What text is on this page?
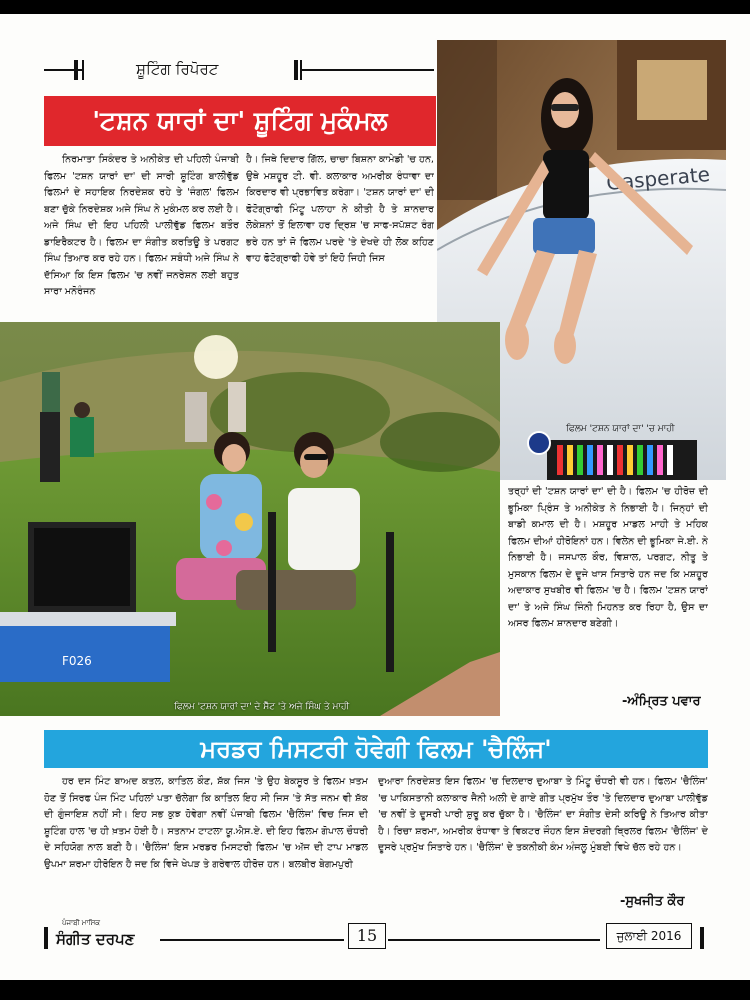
ਸ਼ੂਟਿੰਗ ਰਿਪੋਰਟ
'ਟਸ਼ਨ ਯਾਰਾਂ ਦਾ' ਸ਼ੂਟਿੰਗ ਮੁਕੰਮਲ

ਨਿਰਮਾਤਾ ਸਿਕੰਦਰ ਤੇ ਅਨੀਕੇਤ ਦੀ ਪਹਿਲੀ ਪੰਜਾਬੀ ਫਿਲਮ 'ਟਸ਼ਨ ਯਾਰਾਂ ਦਾ' ਦੀ ਸਾਰੀ ਸ਼ੂਟਿੰਗ ਬਾਲੀਵੁੱਡ ਫਿਲਮਾਂ ਦੇ ਸਹਾਇਕ ਨਿਰਦੇਸ਼ਕ ਰਹੇ ਤੇ 'ਜੰਗਲ' ਫਿਲਮ ਬਣਾ ਚੁੱਕੇ ਨਿਰਦੇਸ਼ਕ ਅਜੇ ਸਿੰਘ ਨੇ ਮੁਕੰਮਲ ਕਰ ਲਈ ਹੈ। ਅਜੇ ਸਿੰਘ ਦੀ ਇਹ ਪਹਿਲੀ ਪਾਲੀਵੁੱਡ ਫਿਲਮ ਬਤੌਰ ਡਾਇਰੈਕਟਰ ਹੈ। ਫਿਲਮ ਦਾ ਸੰਗੀਤ ਕਰਤਿਊ ਤੇ ਪਰਗਟ ਸਿੰਘ ਤਿਆਰ ਕਰ ਰਹੇ ਹਨ। ਫਿਲਮ ਸਬੰਧੀ ਅਜੇ ਸਿੰਘ ਨੇ ਦੱਸਿਆ ਕਿ ਇਸ ਫਿਲਮ 'ਚ ਨਵੀਂ ਜਨਰੇਸ਼ਨ ਲਈ ਬਹੁਤ ਸਾਰਾ ਮਨੋਰੰਜਨ

ਹੈ। ਜਿਥੇ ਦਿਦਾਰ ਗਿੱਲ, ਚਾਚਾ ਬਿਸ਼ਨਾ ਕਾਮੇਡੀ 'ਚ ਹਨ, ਉਥੇ ਮਸ਼ਹੂਰ ਟੀ. ਵੀ. ਕਲਾਕਾਰ ਅਮਰੀਕ ਰੰਧਾਵਾ ਦਾ ਕਿਰਦਾਰ ਵੀ ਪ੍ਰਭਾਵਿਤ ਕਰੇਗਾ। 'ਟਸ਼ਨ ਯਾਰਾਂ ਦਾ' ਦੀ ਫੋਟੋਗ੍ਰਾਫੀ ਮਿੰਟੂ ਪਲਾਹਾ ਨੇ ਕੀਤੀ ਹੈ ਤੇ ਸ਼ਾਨਦਾਰ ਲੋਕੇਸ਼ਨਾਂ ਤੋਂ ਇਲਾਵਾ ਹਰ ਦ੍ਰਿਸ਼ 'ਚ ਸਾਫ-ਸਪੱਸ਼ਟ ਰੰਗ ਭਰੇ ਹਨ ਤਾਂ ਜੋ ਫਿਲਮ ਪਰਦੇ 'ਤੇ ਦੇਖਦੇ ਹੀ ਲੋਕ ਕਹਿਣ ਵਾਹ ਫੋਟੋਗ੍ਰਾਫੀ ਹੋਵੇ ਤਾਂ ਇਹੋ ਜਿਹੀ ਜਿਸ

Gasperate
F026
ਫਿਲਮ 'ਟਸ਼ਨ ਯਾਰਾਂ ਦਾ' 'ਚ ਮਾਹੀ
ਫਿਲਮ 'ਟਸ਼ਨ ਯਾਰਾਂ ਦਾ' ਦੇ ਸੈੱਟ 'ਤੇ ਅਜੇ ਸਿੰਘ ਤੇ ਮਾਹੀ

ਤਰ੍ਹਾਂ ਦੀ 'ਟਸ਼ਨ ਯਾਰਾਂ ਦਾ' ਦੀ ਹੈ। ਫਿਲਮ 'ਚ ਹੀਰੋਜ਼ ਦੀ ਭੂਮਿਕਾ ਪ੍ਰਿੰਸ ਤੇ ਅਨੀਕੇਤ ਨੇ ਨਿਭਾਈ ਹੈ। ਜਿਨ੍ਹਾਂ ਦੀ ਬਾਡੀ ਕਮਾਲ ਦੀ ਹੈ। ਮਸ਼ਹੂਰ ਮਾਡਲ ਮਾਹੀ ਤੇ ਮਹਿਕ ਫਿਲਮ ਦੀਆਂ ਹੀਰੋਇਨਾਂ ਹਨ। ਵਿਲੇਨ ਦੀ ਭੂਮਿਕਾ ਜੇ.ਈ. ਨੇ ਨਿਭਾਈ ਹੈ। ਜਸਪਾਲ ਕੌਰ, ਵਿਸ਼ਾਲ, ਪਰਗਟ, ਨੀਤੂ ਤੇ ਮੁਸਕਾਨ ਫਿਲਮ ਦੇ ਦੂਜੇ ਖਾਸ ਸਿਤਾਰੇ ਹਨ ਜਦ ਕਿ ਮਸ਼ਹੂਰ ਅਦਾਕਾਰ ਸੁਖਬੀਰ ਵੀ ਫਿਲਮ 'ਚ ਹੈ। ਫਿਲਮ 'ਟਸ਼ਨ ਯਾਰਾਂ ਦਾ' ਤੇ ਅਜੇ ਸਿੰਘ ਜਿੰਨੀ ਮਿਹਨਤ ਕਰ ਰਿਹਾ ਹੈ, ਉਸ ਦਾ ਅਸਰ ਫਿਲਮ ਸ਼ਾਨਦਾਰ ਬਣੇਗੀ।

-ਅੰਮ੍ਰਿਤ ਪਵਾਰ
ਮਰਡਰ ਮਿਸਟਰੀ ਹੋਵੇਗੀ ਫਿਲਮ 'ਚੈਲਿੰਜ'

ਹਰ ਦਸ ਮਿੰਟ ਬਾਅਦ ਕਤਲ, ਕਾਤਿਲ ਕੌਣ, ਸ਼ੱਕ ਜਿਸ 'ਤੇ ਉਹ ਬੇਕਸੂਰ ਤੇ ਫਿਲਮ ਖ਼ਤਮ ਹੋਣ ਤੋਂ ਸਿਰਫ ਪੰਜ ਮਿੰਟ ਪਹਿਲਾਂ ਪਤਾ ਚੱਲੇਗਾ ਕਿ ਕਾਤਿਲ ਇਹ ਸੀ ਜਿਸ 'ਤੇ ਸੱਤ ਜਨਮ ਵੀ ਸ਼ੱਕ ਦੀ ਗੁੰਜਾਇਸ਼ ਨਹੀਂ ਸੀ। ਇਹ ਸਭ ਕੁਝ ਹੋਵੇਗਾ ਨਵੀਂ ਪੰਜਾਬੀ ਫਿਲਮ 'ਚੈਲਿੰਜ' ਵਿਚ ਜਿਸ ਦੀ ਸ਼ੂਟਿੰਗ ਹਾਲ 'ਚ ਹੀ ਖ਼ਤਮ ਹੋਈ ਹੈ। ਸਤਨਾਮ ਟਾਟਲਾ ਯੂ.ਐਸ.ਏ. ਦੀ ਇਹ ਫਿਲਮ ਗੋਪਾਲ ਚੌਧਰੀ ਦੇ ਸਹਿਯੋਗ ਨਾਲ ਬਣੀ ਹੈ। 'ਚੈਲਿੰਜ' ਇਸ ਮਰਡਰ ਮਿਸਟਰੀ ਫਿਲਮ 'ਚ ਅੱਜ ਦੀ ਟਾਪ ਮਾਡਲ ਉਪਮਾ ਸ਼ਰਮਾ ਹੀਰੋਇਨ ਹੈ ਜਦ ਕਿ ਵਿਜੇ ਖੇਪੜ ਤੇ ਗਰੇਵਾਲ ਹੀਰੋਜ਼ ਹਨ। ਬਲਬੀਰ ਬੇਗਮਪੁਰੀ

ਦੁਆਰਾ ਨਿਰਦੇਸ਼ਤ ਇਸ ਫਿਲਮ 'ਚ ਦਿਲਦਾਰ ਦੁਆਬਾ ਤੇ ਮਿੰਟੂ ਚੌਧਰੀ ਵੀ ਹਨ। ਫਿਲਮ 'ਚੈਲਿੰਜ' 'ਚ ਪਾਕਿਸਤਾਨੀ ਕਲਾਕਾਰ ਜੈਨੀ ਅਲੀ ਦੇ ਗਾਏ ਗੀਤ ਪ੍ਰਮੁੱਖ ਤੌਰ 'ਤੇ ਦਿਲਦਾਰ ਦੁਆਬਾ ਪਾਲੀਵੁੱਡ 'ਚ ਨਵੀਂ ਤੇ ਦੂਸਰੀ ਪਾਰੀ ਸ਼ੁਰੂ ਕਰ ਚੁੱਕਾ ਹੈ। 'ਚੈਲਿੰਜ' ਦਾ ਸੰਗੀਤ ਦੇਸੀ ਕਰਿਊ ਨੇ ਤਿਆਰ ਕੀਤਾ ਹੈ। ਰਿਚਾ ਸ਼ਰਮਾ, ਅਮਰੀਕ ਰੰਧਾਵਾ ਤੇ ਵਿਕਟਰ ਜੌਹਨ ਇਸ ਸ਼ੋਦਰਗੀ ਥ੍ਰਿਲਰ ਫਿਲਮ 'ਚੈਲਿੰਜ' ਦੇ ਦੂਸਰੇ ਪ੍ਰਮੁੱਖ ਸਿਤਾਰੇ ਹਨ। 'ਚੈਲਿੰਜ' ਦੇ ਤਕਨੀਕੀ ਕੰਮ ਅੰਜਲੂ ਮੁੰਬਈ ਵਿਖੇ ਚੱਲ ਰਹੇ ਹਨ।

-ਸੁਖਜੀਤ ਕੌਰ
ਪੰਜਾਬੀ ਮਾਸਿਕ
ਸੰਗੀਤ ਦਰਪਣ	15	ਜੁਲਾਈ 2016
